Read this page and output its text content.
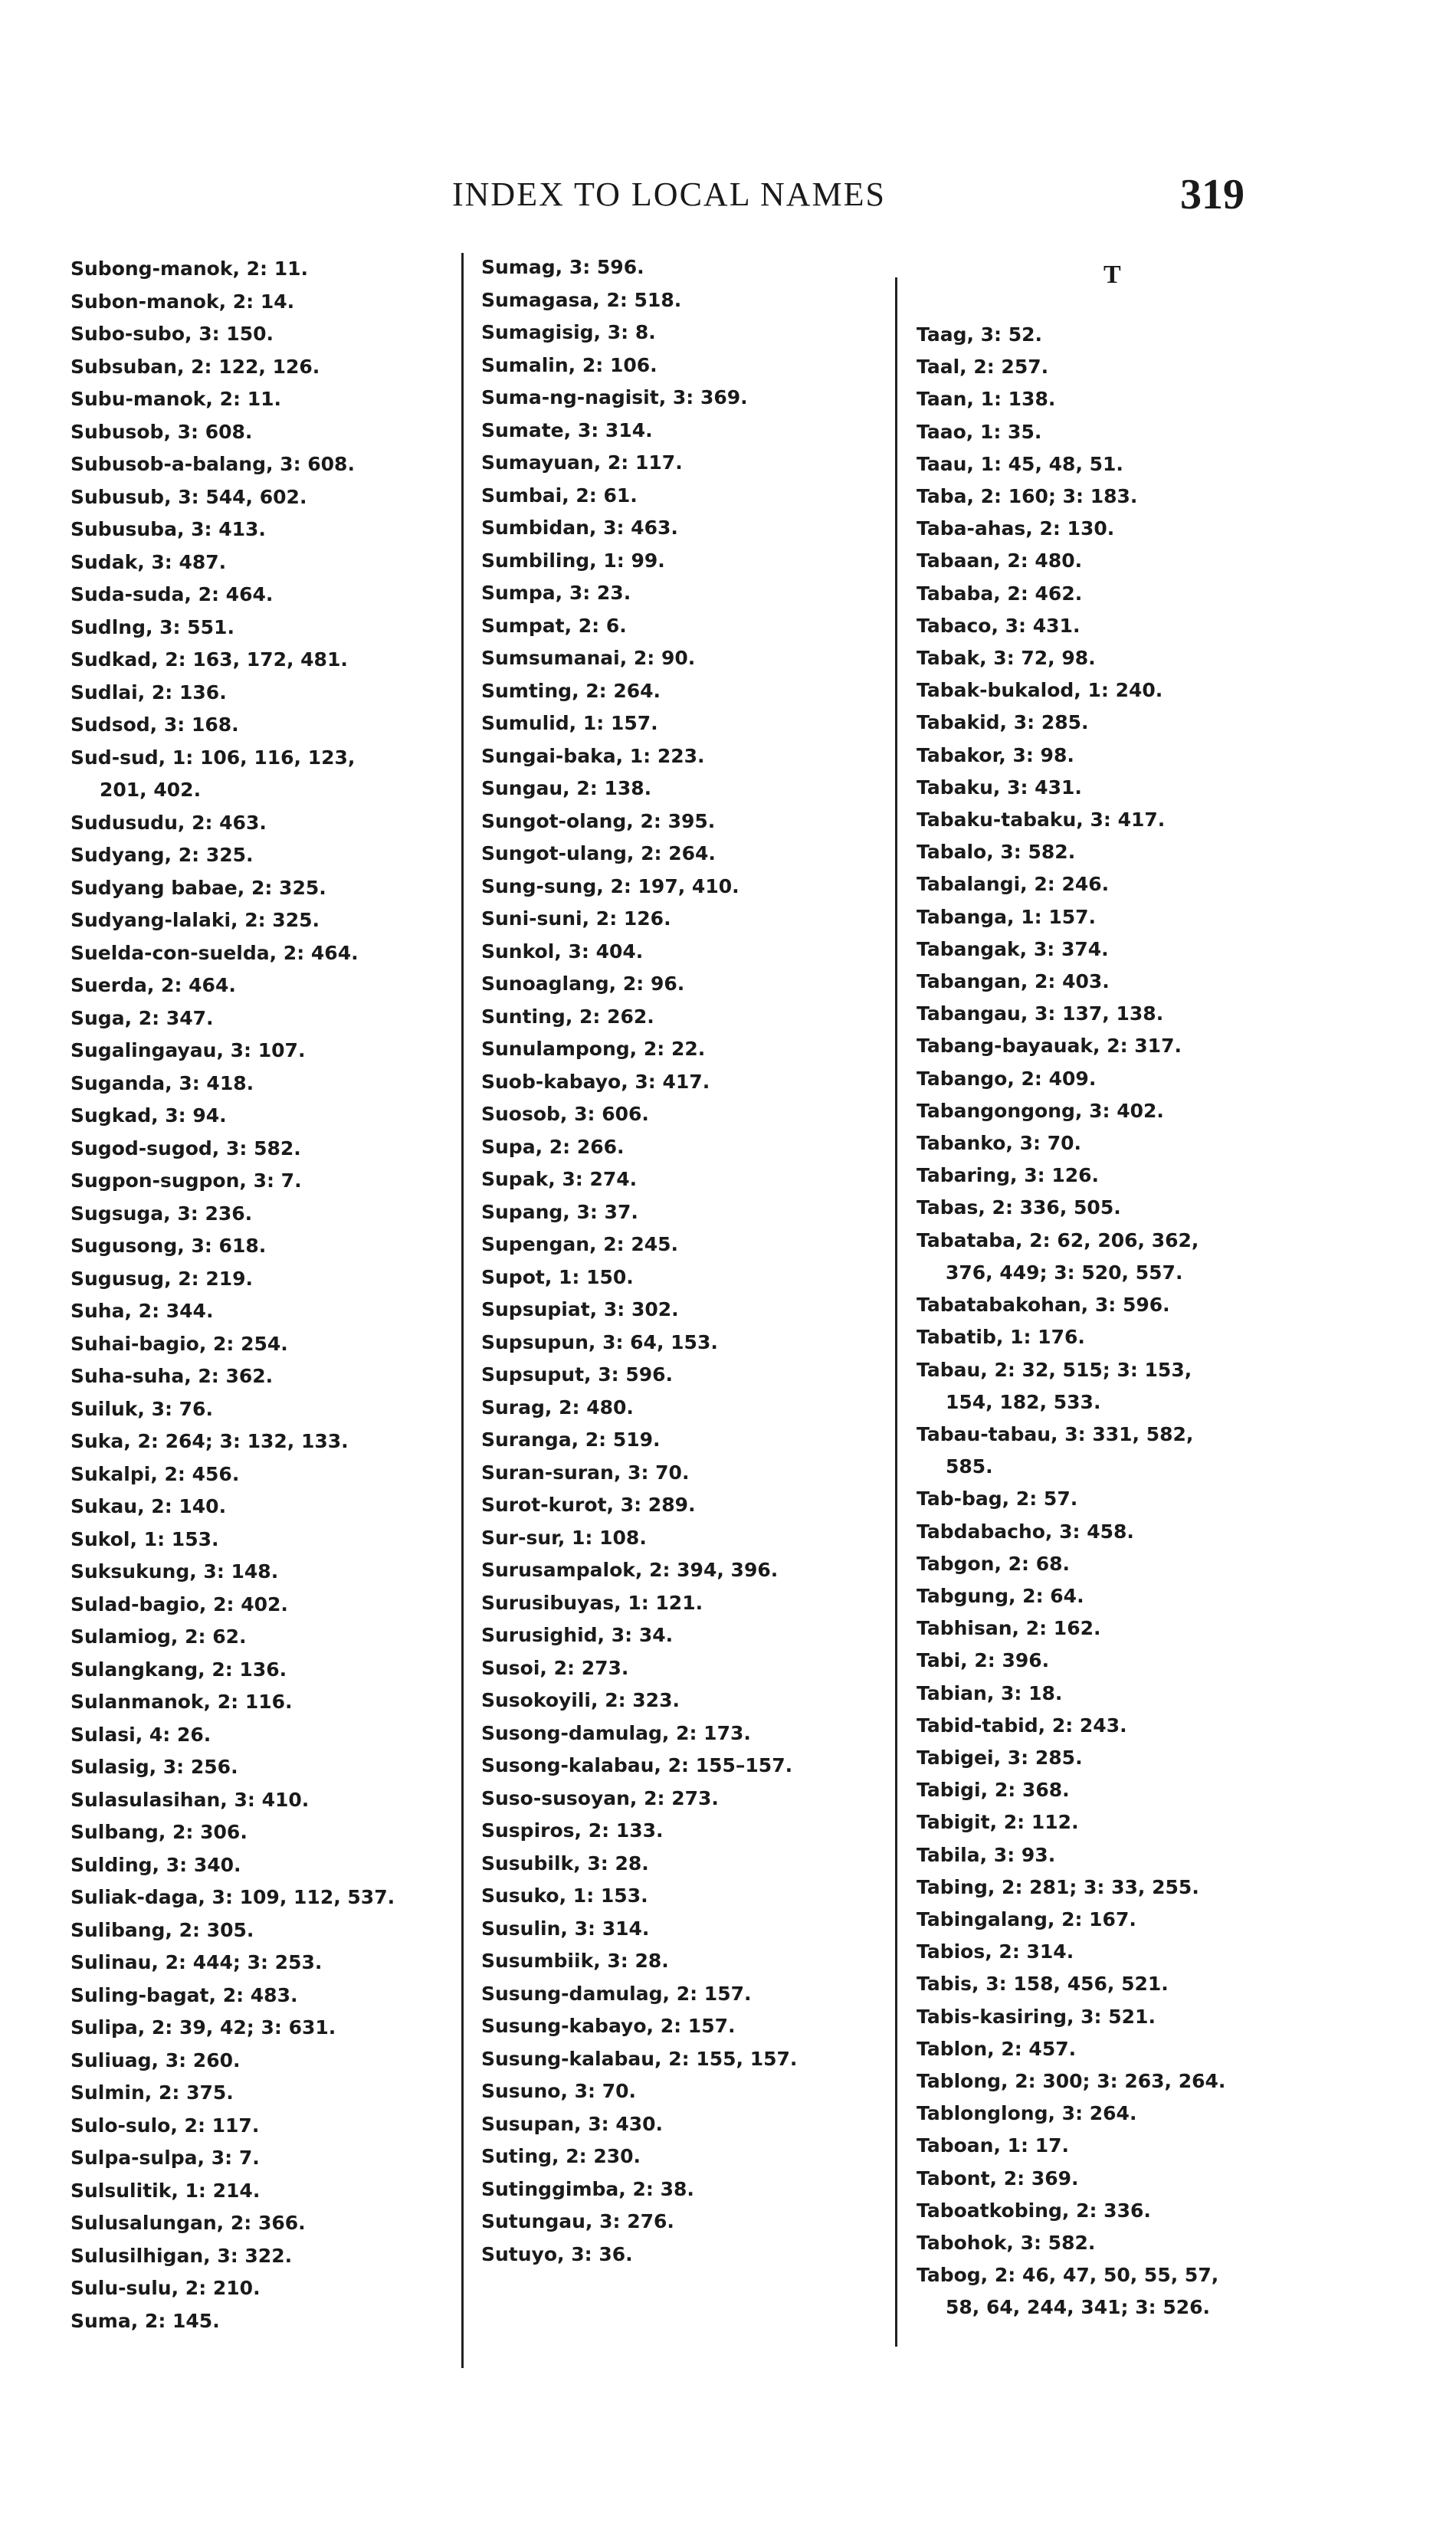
INDEX TO LOCAL NAMES	319
Subong-manok, 2: 11.
Subon-manok, 2: 14.
Subo-subo, 3: 150.
Subsuban, 2: 122, 126.
Subu-manok, 2: 11.
Subusob, 3: 608.
Subusob-a-balang, 3: 608.
Subusub, 3: 544, 602.
Subusuba, 3: 413.
Sudak, 3: 487.
Suda-suda, 2: 464.
Sudlng, 3: 551.
Sudkad, 2: 163, 172, 481.
Sudlai, 2: 136.
Sudsod, 3: 168.
Sud-sud, 1: 106, 116, 123,
201, 402.
Sudusudu, 2: 463.
Sudyang, 2: 325.
Sudyang babae, 2: 325.
Sudyang-lalaki, 2: 325.
Suelda-con-suelda, 2: 464.
Suerda, 2: 464.
Suga, 2: 347.
Sugalingayau, 3: 107.
Suganda, 3: 418.
Sugkad, 3: 94.
Sugod-sugod, 3: 582.
Sugpon-sugpon, 3: 7.
Sugsuga, 3: 236.
Sugusong, 3: 618.
Sugusug, 2: 219.
Suha, 2: 344.
Suhai-bagio, 2: 254.
Suha-suha, 2: 362.
Suiluk, 3: 76.
Suka, 2: 264; 3: 132, 133.
Sukalpi, 2: 456.
Sukau, 2: 140.
Sukol, 1: 153.
Suksukung, 3: 148.
Sulad-bagio, 2: 402.
Sulamiog, 2: 62.
Sulangkang, 2: 136.
Sulanmanok, 2: 116.
Sulasi, 4: 26.
Sulasig, 3: 256.
Sulasulasihan, 3: 410.
Sulbang, 2: 306.
Sulding, 3: 340.
Suliak-daga, 3: 109, 112, 537.
Sulibang, 2: 305.
Sulinau, 2: 444; 3: 253.
Suling-bagat, 2: 483.
Sulipa, 2: 39, 42; 3: 631.
Suliuag, 3: 260.
Sulmin, 2: 375.
Sulo-sulo, 2: 117.
Sulpa-sulpa, 3: 7.
Sulsulitik, 1: 214.
Sulusalungan, 2: 366.
Sulusilhigan, 3: 322.
Sulu-sulu, 2: 210.
Suma, 2: 145.
Sumag, 3: 596.
Sumagasa, 2: 518.
Sumagisig, 3: 8.
Sumalin, 2: 106.
Suma-ng-nagisit, 3: 369.
Sumate, 3: 314.
Sumayuan, 2: 117.
Sumbai, 2: 61.
Sumbidan, 3: 463.
Sumbiling, 1: 99.
Sumpa, 3: 23.
Sumpat, 2: 6.
Sumsumanai, 2: 90.
Sumting, 2: 264.
Sumulid, 1: 157.
Sungai-baka, 1: 223.
Sungau, 2: 138.
Sungot-olang, 2: 395.
Sungot-ulang, 2: 264.
Sung-sung, 2: 197, 410.
Suni-suni, 2: 126.
Sunkol, 3: 404.
Sunoaglang, 2: 96.
Sunting, 2: 262.
Sunulampong, 2: 22.
Suob-kabayo, 3: 417.
Suosob, 3: 606.
Supa, 2: 266.
Supak, 3: 274.
Supang, 3: 37.
Supengan, 2: 245.
Supot, 1: 150.
Supsupiat, 3: 302.
Supsupun, 3: 64, 153.
Supsuput, 3: 596.
Surag, 2: 480.
Suranga, 2: 519.
Suran-suran, 3: 70.
Surot-kurot, 3: 289.
Sur-sur, 1: 108.
Surusampalok, 2: 394, 396.
Surusibuyas, 1: 121.
Surusighid, 3: 34.
Susoi, 2: 273.
Susokoyili, 2: 323.
Susong-damulag, 2: 173.
Susong-kalabau, 2: 155–157.
Suso-susoyan, 2: 273.
Suspiros, 2: 133.
Susubilk, 3: 28.
Susuko, 1: 153.
Susulin, 3: 314.
Susumbiik, 3: 28.
Susung-damulag, 2: 157.
Susung-kabayo, 2: 157.
Susung-kalabau, 2: 155, 157.
Susuno, 3: 70.
Susupan, 3: 430.
Suting, 2: 230.
Sutinggimba, 2: 38.
Sutungau, 3: 276.
Sutuyo, 3: 36.
T
Taag, 3: 52.
Taal, 2: 257.
Taan, 1: 138.
Taao, 1: 35.
Taau, 1: 45, 48, 51.
Taba, 2: 160; 3: 183.
Taba-ahas, 2: 130.
Tabaan, 2: 480.
Tababa, 2: 462.
Tabaco, 3: 431.
Tabak, 3: 72, 98.
Tabak-bukalod, 1: 240.
Tabakid, 3: 285.
Tabakor, 3: 98.
Tabaku, 3: 431.
Tabaku-tabaku, 3: 417.
Tabalo, 3: 582.
Tabalangi, 2: 246.
Tabanga, 1: 157.
Tabangak, 3: 374.
Tabangan, 2: 403.
Tabangau, 3: 137, 138.
Tabang-bayauak, 2: 317.
Tabango, 2: 409.
Tabangongong, 3: 402.
Tabanko, 3: 70.
Tabaring, 3: 126.
Tabas, 2: 336, 505.
Tabataba, 2: 62, 206, 362,
376, 449; 3: 520, 557.
Tabatabakohan, 3: 596.
Tabatib, 1: 176.
Tabau, 2: 32, 515; 3: 153,
154, 182, 533.
Tabau-tabau, 3: 331, 582,
585.
Tab-bag, 2: 57.
Tabdabacho, 3: 458.
Tabgon, 2: 68.
Tabgung, 2: 64.
Tabhisan, 2: 162.
Tabi, 2: 396.
Tabian, 3: 18.
Tabid-tabid, 2: 243.
Tabigei, 3: 285.
Tabigi, 2: 368.
Tabigit, 2: 112.
Tabila, 3: 93.
Tabing, 2: 281; 3: 33, 255.
Tabingalang, 2: 167.
Tabios, 2: 314.
Tabis, 3: 158, 456, 521.
Tabis-kasiring, 3: 521.
Tablon, 2: 457.
Tablong, 2: 300; 3: 263, 264.
Tablonglong, 3: 264.
Taboan, 1: 17.
Tabont, 2: 369.
Taboatkobing, 2: 336.
Tabohok, 3: 582.
Tabog, 2: 46, 47, 50, 55, 57,
58, 64, 244, 341; 3: 526.
